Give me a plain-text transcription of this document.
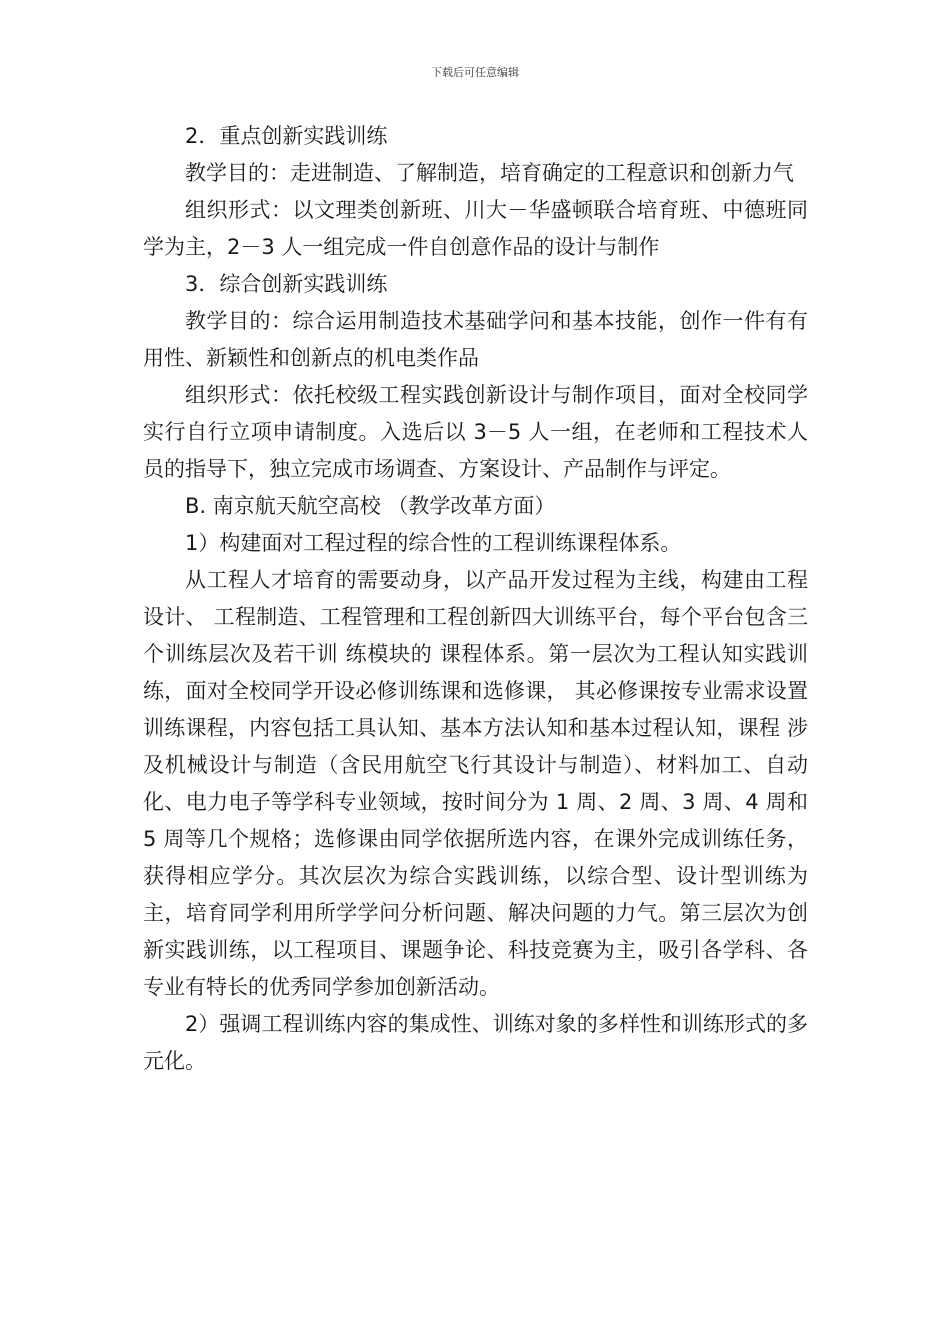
下载后可任意编辑

2．重点创新实践训练

教学目的：走进制造、了解制造，培育确定的工程意识和创新力气

组织形式：以文理类创新班、川大－华盛顿联合培育班、中德班同学为主，2－3 人一组完成一件自创意作品的设计与制作

3．综合创新实践训练

教学目的：综合运用制造技术基础学问和基本技能，创作一件有有用性、新颖性和创新点的机电类作品

组织形式：依托校级工程实践创新设计与制作项目，面对全校同学实行自行立项申请制度。入选后以 3－5 人一组，在老师和工程技术人员的指导下，独立完成市场调查、方案设计、产品制作与评定。

B. 南京航天航空高校 （教学改革方面）

1）构建面对工程过程的综合性的工程训练课程体系。

从工程人才培育的需要动身，以产品开发过程为主线，构建由工程设计、 工程制造、工程管理和工程创新四大训练平台，每个平台包含三个训练层次及若干训 练模块的 课程体系。第一层次为工程认知实践训练，面对全校同学开设必修训练课和选修课， 其必修课按专业需求设置训练课程，内容包括工具认知、基本方法认知和基本过程认知，课程 涉及机械设计与制造（含民用航空飞行其设计与制造）、材料加工、自动化、电力电子等学科专业领域，按时间分为 1 周、2 周、3 周、4 周和 5 周等几个规格；选修课由同学依据所选内容，在课外完成训练任务，获得相应学分。其次层次为综合实践训练，以综合型、设计型训练为主，培育同学利用所学学问分析问题、解决问题的力气。第三层次为创新实践训练，以工程项目、课题争论、科技竞赛为主，吸引各学科、各专业有特长的优秀同学参加创新活动。

2）强调工程训练内容的集成性、训练对象的多样性和训练形式的多元化。
